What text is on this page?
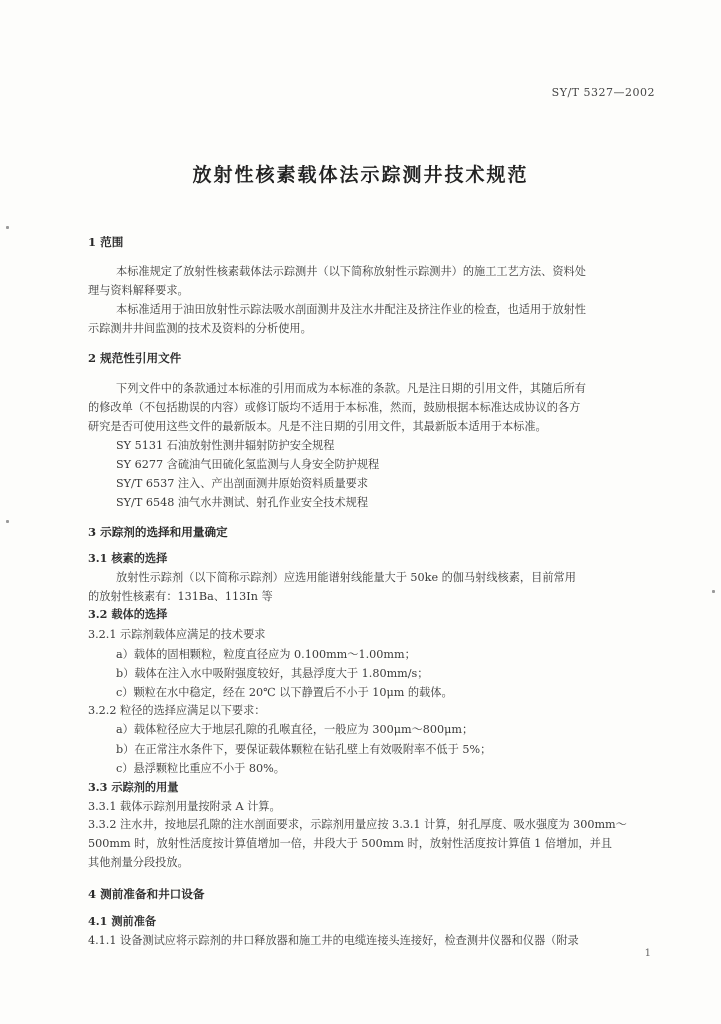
SY/T 5327—2002
放射性核素载体法示踪测井技术规范
1 范围
本标准规定了放射性核素载体法示踪测井（以下简称放射性示踪测井）的施工工艺方法、资料处
理与资料解释要求。
本标准适用于油田放射性示踪法吸水剖面测井及注水井配注及挤注作业的检查，也适用于放射性
示踪测井井间监测的技术及资料的分析使用。
2 规范性引用文件
下列文件中的条款通过本标准的引用而成为本标准的条款。凡是注日期的引用文件，其随后所有
的修改单（不包括勘误的内容）或修订版均不适用于本标准，然而，鼓励根据本标准达成协议的各方
研究是否可使用这些文件的最新版本。凡是不注日期的引用文件，其最新版本适用于本标准。
SY 5131 石油放射性测井辐射防护安全规程
SY 6277 含硫油气田硫化氢监测与人身安全防护规程
SY/T 6537 注入、产出剖面测井原始资料质量要求
SY/T 6548 油气水井测试、射孔作业安全技术规程
3 示踪剂的选择和用量确定
3.1 核素的选择
放射性示踪剂（以下简称示踪剂）应选用能谱射线能量大于 50ke 的伽马射线核素，目前常用
的放射性核素有：131Ba、113In 等
3.2 载体的选择
3.2.1 示踪剂载体应满足的技术要求
a）载体的固相颗粒，粒度直径应为 0.100mm～1.00mm；
b）载体在注入水中吸附强度较好，其悬浮度大于 1.80mm/s；
c）颗粒在水中稳定，经在 20℃ 以下静置后不小于 10μm 的载体。
3.2.2 粒径的选择应满足以下要求：
a）载体粒径应大于地层孔隙的孔喉直径，一般应为 300μm～800μm；
b）在正常注水条件下，要保证载体颗粒在钻孔壁上有效吸附率不低于 5%；
c）悬浮颗粒比重应不小于 80%。
3.3 示踪剂的用量
3.3.1 载体示踪剂用量按附录 A 计算。
3.3.2 注水井，按地层孔隙的注水剖面要求，示踪剂用量应按 3.3.1 计算，射孔厚度、吸水强度为 300mm～
500mm 时，放射性活度按计算值增加一倍，井段大于 500mm 时，放射性活度按计算值 1 倍增加，并且
其他剂量分段投放。
4 测前准备和井口设备
4.1 测前准备
4.1.1 设备测试应将示踪剂的井口释放器和施工井的电缆连接头连接好，检查测井仪器和仪器（附录
1
